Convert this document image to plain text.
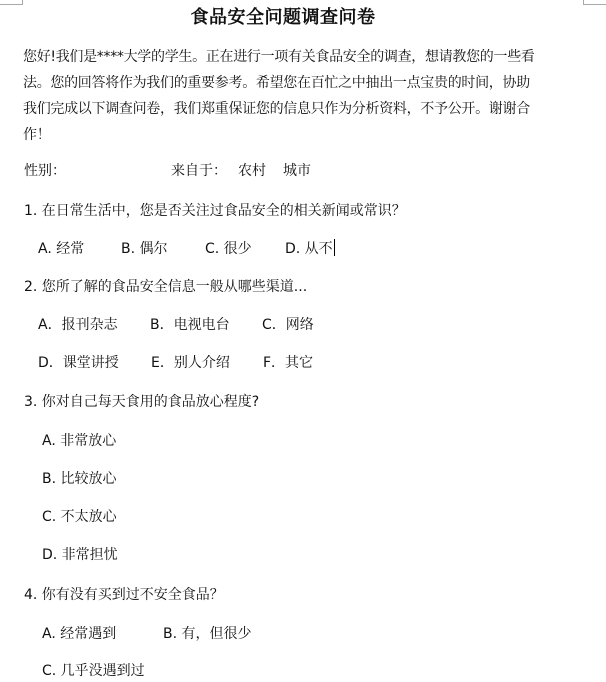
食品安全问题调查问卷
您好!我们是****大学的学生。正在进行一项有关食品安全的调查，想请教您的一些看
法。您的回答将作为我们的重要参考。希望您在百忙之中抽出一点宝贵的时间，协助
我们完成以下调查问卷，我们郑重保证您的信息只作为分析资料，不予公开。谢谢合
作！
性别：	来自于： 农村 城市
1. 在日常生活中，您是否关注过食品安全的相关新闻或常识？
A. 经常	B. 偶尔	C. 很少 D. 从不
2. 您所了解的食品安全信息一般从哪些渠道...
A．报刊杂志 B．电视电台 C．网络
D．课堂讲授 E．别人介绍 F．其它
3. 你对自己每天食用的食品放心程度?
A. 非常放心
B. 比较放心
C. 不太放心
D. 非常担忧
4. 你有没有买到过不安全食品？
A. 经常遇到	B. 有，但很少
C. 几乎没遇到过
